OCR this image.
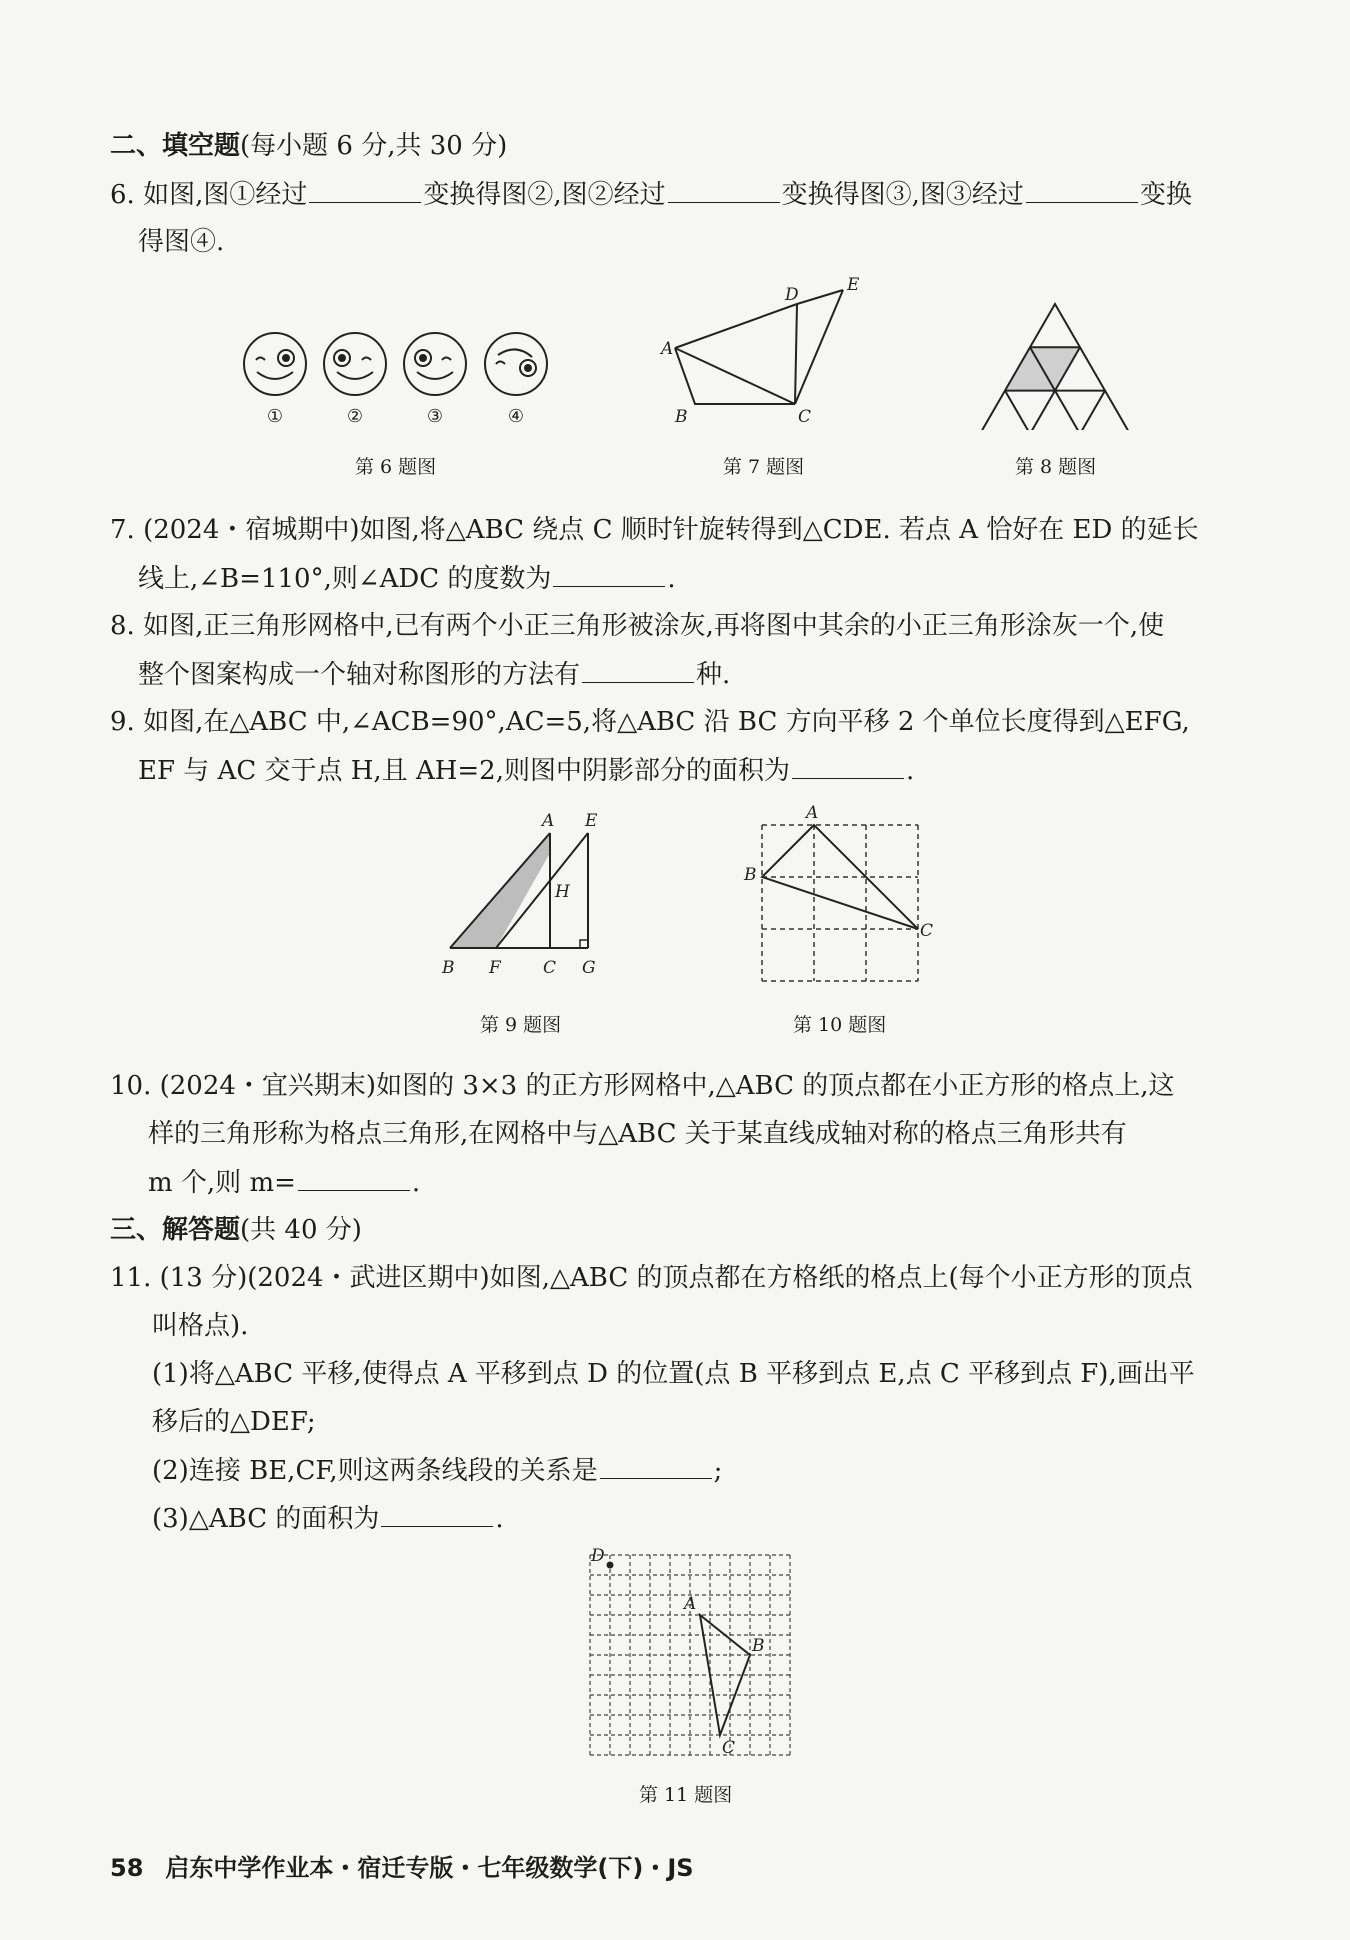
二、填空题(每小题 6 分,共 30 分)
6. 如图,图①经过	变换得图②,图②经过	变换得图③,图③经过	变换
得图④.
①	②	③	④
第 6 题图
A
B	C
D	E
第 7 题图	第 8 题图
7. (2024・宿城期中)如图,将△ABC 绕点 C 顺时针旋转得到△CDE. 若点 A 恰好在 ED 的延长
线上,∠B=110°,则∠ADC 的度数为	.
8. 如图,正三角形网格中,已有两个小正三角形被涂灰,再将图中其余的小正三角形涂灰一个,使
整个图案构成一个轴对称图形的方法有	种.
9. 如图,在△ABC 中,∠ACB=90°,AC=5,将△ABC 沿 BC 方向平移 2 个单位长度得到△EFG,
EF 与 AC 交于点 H,且 AH=2,则图中阴影部分的面积为	.
A E
H
B F C G
第 9 题图
A
B
C
第 10 题图
10. (2024・宜兴期末)如图的 3×3 的正方形网格中,△ABC 的顶点都在小正方形的格点上,这
样的三角形称为格点三角形,在网格中与△ABC 关于某直线成轴对称的格点三角形共有
m 个,则 m=	.
三、解答题(共 40 分)
11. (13 分)(2024・武进区期中)如图,△ABC 的顶点都在方格纸的格点上(每个小正方形的顶点
叫格点).
(1)将△ABC 平移,使得点 A 平移到点 D 的位置(点 B 平移到点 E,点 C 平移到点 F),画出平
移后的△DEF;
(2)连接 BE,CF,则这两条线段的关系是	;
(3)△ABC 的面积为	.
D
A
B
C
第 11 题图
58 启东中学作业本・宿迁专版・七年级数学(下)・JS
